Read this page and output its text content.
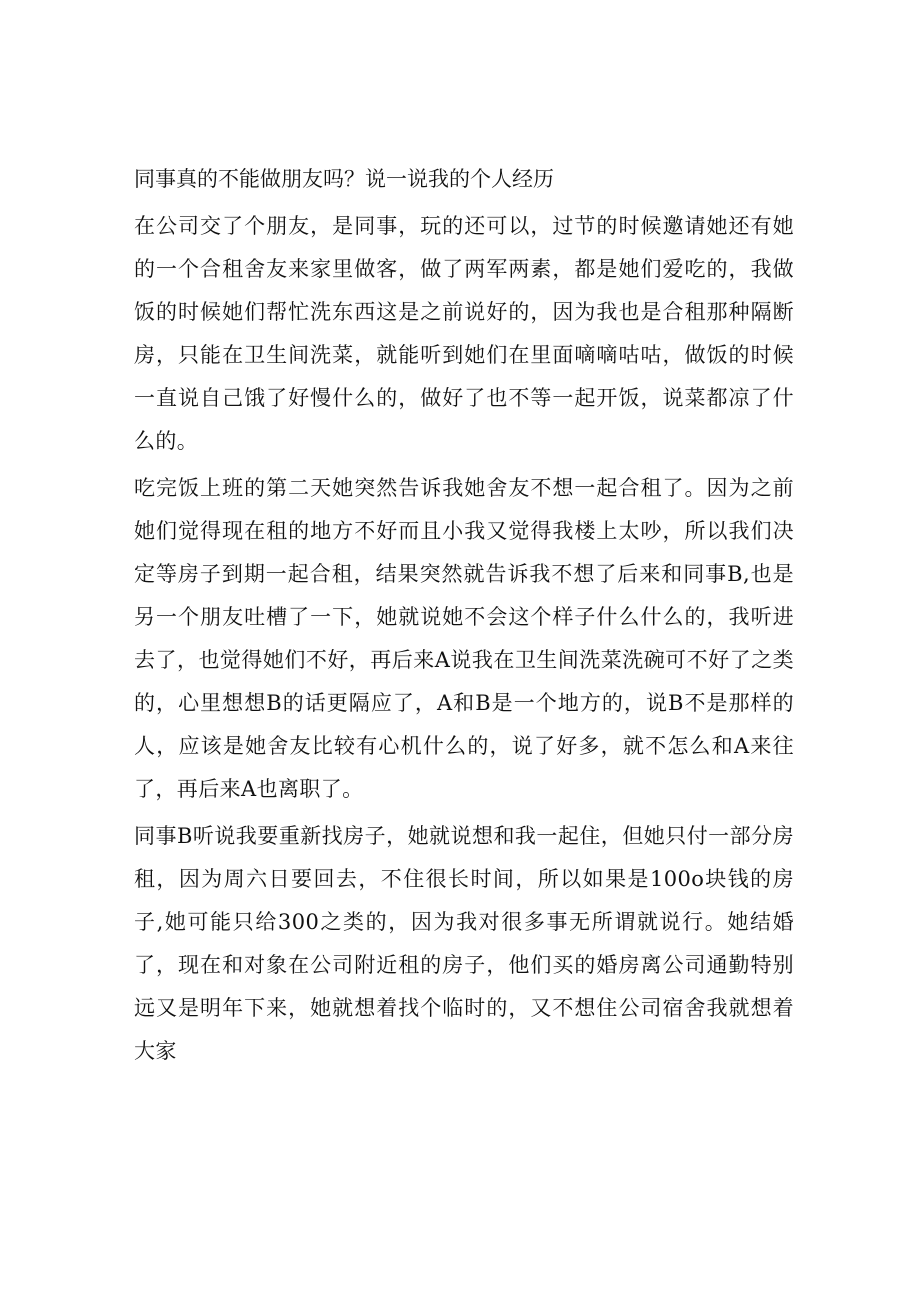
同事真的不能做朋友吗？说一说我的个人经历
在公司交了个朋友，是同事，玩的还可以，过节的时候邀请她还有她的一个合租舍友来家里做客，做了两军两素，都是她们爱吃的，我做饭的时候她们帮忙洗东西这是之前说好的，因为我也是合租那种隔断房，只能在卫生间洗菜，就能听到她们在里面嘀嘀咕咕，做饭的时候一直说自己饿了好慢什么的，做好了也不等一起开饭，说菜都凉了什么的。
吃完饭上班的第二天她突然告诉我她舍友不想一起合租了。因为之前她们觉得现在租的地方不好而且小我又觉得我楼上太吵，所以我们决定等房子到期一起合租，结果突然就告诉我不想了后来和同事B,也是另一个朋友吐槽了一下，她就说她不会这个样子什么什么的，我听进去了，也觉得她们不好，再后来A说我在卫生间洗菜洗碗可不好了之类的，心里想想B的话更隔应了，A和B是一个地方的，说B不是那样的人，应该是她舍友比较有心机什么的，说了好多，就不怎么和A来往了，再后来A也离职了。
同事B听说我要重新找房子，她就说想和我一起住，但她只付一部分房租，因为周六日要回去，不住很长时间，所以如果是100o块钱的房子,她可能只给300之类的，因为我对很多事无所谓就说行。她结婚了，现在和对象在公司附近租的房子，他们买的婚房离公司通勤特别远又是明年下来，她就想着找个临时的，又不想住公司宿舍我就想着大家
